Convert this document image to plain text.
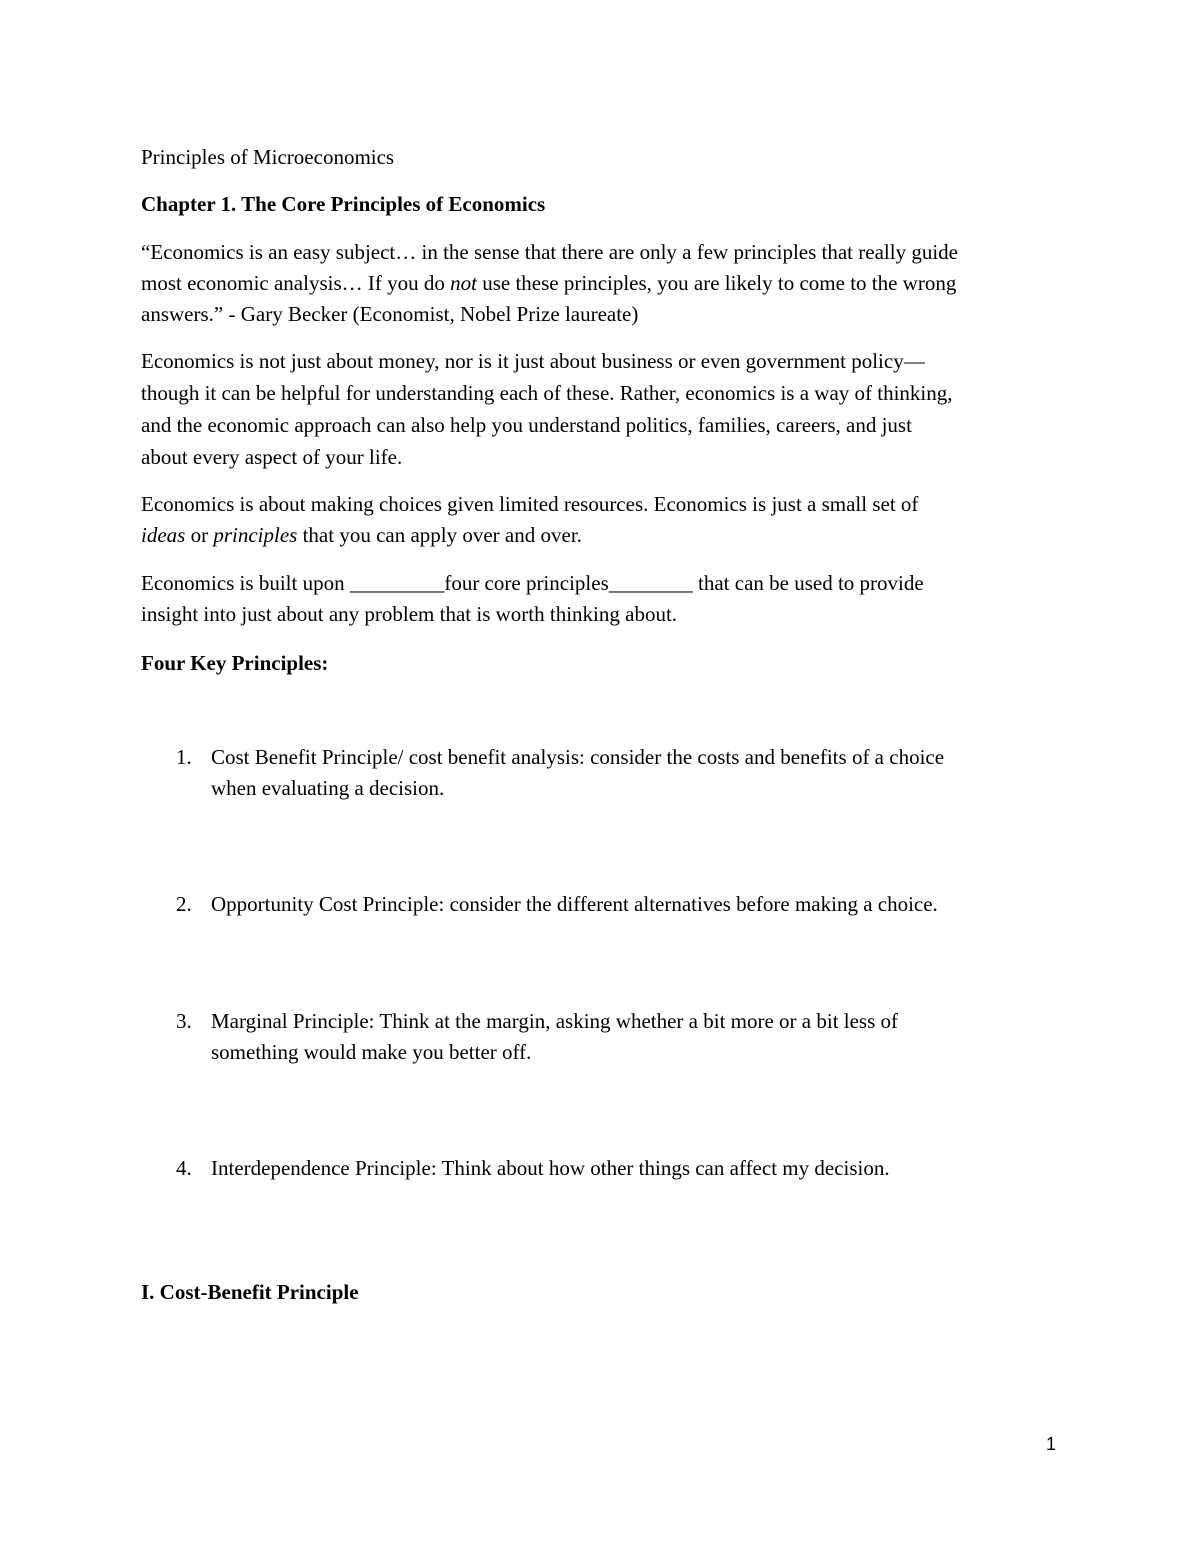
Principles of Microeconomics
Chapter 1. The Core Principles of Economics
“Economics is an easy subject… in the sense that there are only a few principles that really guide
most economic analysis… If you do not use these principles, you are likely to come to the wrong
answers.” - Gary Becker (Economist, Nobel Prize laureate)
Economics is not just about money, nor is it just about business or even government policy—
though it can be helpful for understanding each of these. Rather, economics is a way of thinking,
and the economic approach can also help you understand politics, families, careers, and just
about every aspect of your life.
Economics is about making choices given limited resources. Economics is just a small set of
ideas or principles that you can apply over and over.
Economics is built upon _________four core principles________ that can be used to provide
insight into just about any problem that is worth thinking about.
Four Key Principles:
1. Cost Benefit Principle/ cost benefit analysis: consider the costs and benefits of a choice
when evaluating a decision.
2. Opportunity Cost Principle: consider the different alternatives before making a choice.
3. Marginal Principle: Think at the margin, asking whether a bit more or a bit less of
something would make you better off.
4. Interdependence Principle: Think about how other things can affect my decision.
I. Cost-Benefit Principle
1
